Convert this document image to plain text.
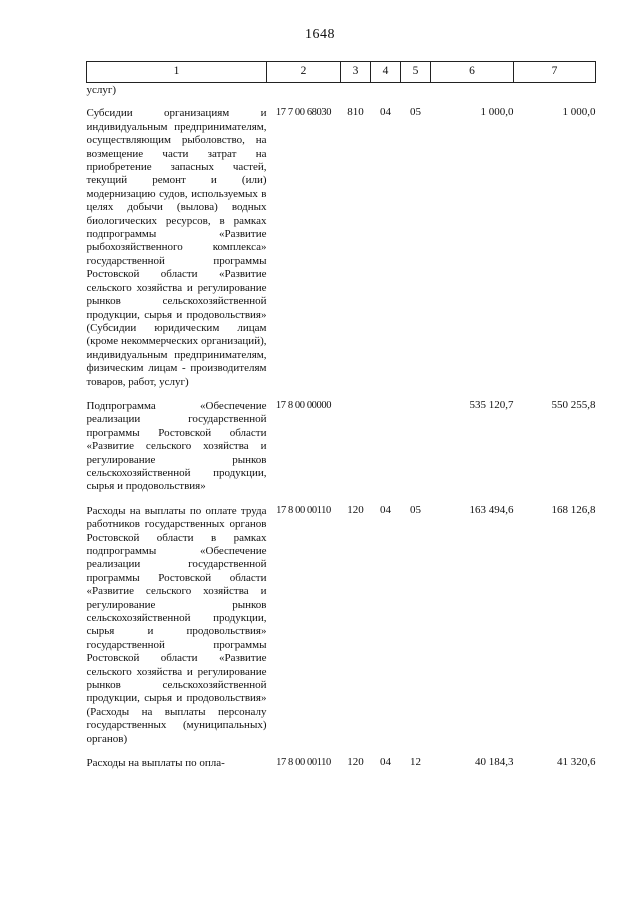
1648
1	2	3	4	5	6	7
услуг)						
Субсидии организациям и индивидуальным предпринимателям, осуществляющим рыболовство, на возмещение части затрат на приобретение запасных частей, текущий ремонт и (или) модернизацию судов, используемых в целях добычи (вылова) водных биологических ресурсов, в рамках подпрограммы «Развитие рыбохозяйственного комплекса» государственной программы Ростовской области «Развитие сельского хозяйства и регулирование рынков сельскохозяйственной продукции, сырья и продовольствия» (Субсидии юридическим лицам (кроме некоммерческих организаций), индивидуальным предпринимателям, физическим лицам - производителям товаров, работ, услуг)	17 7 00 68030	810	04	05	1 000,0	1 000,0
Подпрограмма «Обеспечение реализации государственной программы Ростовской области «Развитие сельского хозяйства и регулирование рынков сельскохозяйственной продукции, сырья и продовольствия»	17 8 00 00000				535 120,7	550 255,8
Расходы на выплаты по оплате труда работников государственных органов Ростовской области в рамках подпрограммы «Обеспечение реализации государственной программы Ростовской области «Развитие сельского хозяйства и регулирование рынков сельскохозяйственной продукции, сырья и продовольствия» государственной программы Ростовской области «Развитие сельского хозяйства и регулирование рынков сельскохозяйственной продукции, сырья и продовольствия» (Расходы на выплаты персоналу государственных (муниципальных) органов)	17 8 00 00110	120	04	05	163 494,6	168 126,8
Расходы на выплаты по опла-	17 8 00 00110	120	04	12	40 184,3	41 320,6
